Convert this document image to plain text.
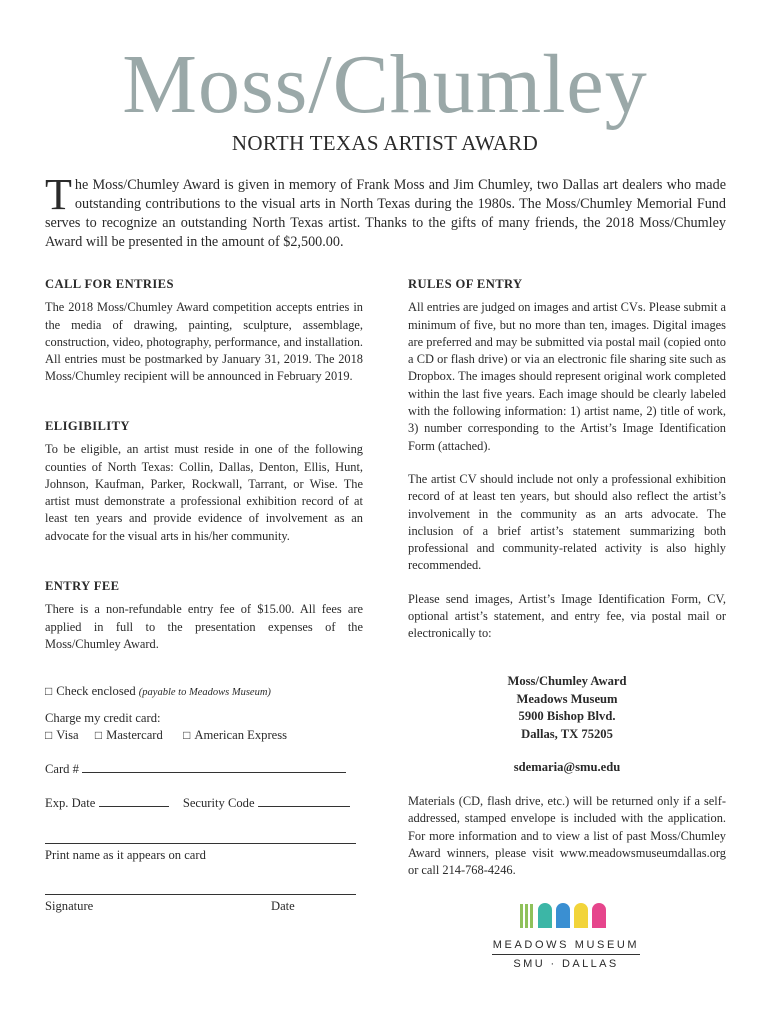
Moss/Chumley
NORTH TEXAS ARTIST AWARD
The Moss/Chumley Award is given in memory of Frank Moss and Jim Chumley, two Dallas art dealers who made outstanding contributions to the visual arts in North Texas during the 1980s. The Moss/Chumley Memorial Fund serves to recognize an outstanding North Texas artist. Thanks to the gifts of many friends, the 2018 Moss/Chumley Award will be presented in the amount of $2,500.00.
CALL FOR ENTRIES
The 2018 Moss/Chumley Award competition accepts entries in the media of drawing, painting, sculpture, assemblage, construction, video, photography, performance, and installation. All entries must be postmarked by January 31, 2019. The 2018 Moss/Chumley recipient will be announced in February 2019.
ELIGIBILITY
To be eligible, an artist must reside in one of the following counties of North Texas: Collin, Dallas, Denton, Ellis, Hunt, Johnson, Kaufman, Parker, Rockwall, Tarrant, or Wise. The artist must demonstrate a professional exhibition record of at least ten years and provide evidence of involvement as an advocate for the visual arts in his/her community.
ENTRY FEE
There is a non-refundable entry fee of $15.00. All fees are applied in full to the presentation expenses of the Moss/Chumley Award.
□ Check enclosed (payable to Meadows Museum)
Charge my credit card:
□ Visa □ Mastercard □ American Express
Card #
Exp. Date	Security Code
Print name as it appears on card
Signature	Date
RULES OF ENTRY
All entries are judged on images and artist CVs. Please submit a minimum of five, but no more than ten, images. Digital images are preferred and may be submitted via postal mail (copied onto a CD or flash drive) or via an electronic file sharing site such as Dropbox. The images should represent original work completed within the last five years. Each image should be clearly labeled with the following information: 1) artist name, 2) title of work, 3) number corresponding to the Artist’s Image Identification Form (attached).
The artist CV should include not only a professional exhibition record of at least ten years, but should also reflect the artist’s involvement in the community as an arts advocate. The inclusion of a brief artist’s statement summarizing both professional and community-related activity is also highly recommended.
Please send images, Artist’s Image Identification Form, CV, optional artist’s statement, and entry fee, via postal mail or electronically to:
Moss/Chumley Award
Meadows Museum
5900 Bishop Blvd.
Dallas, TX 75205
sdemaria@smu.edu
Materials (CD, flash drive, etc.) will be returned only if a self-addressed, stamped envelope is included with the application. For more information and to view a list of past Moss/Chumley Award winners, please visit www.meadowsmuseumdallas.org or call 214-768-4246.
MEADOWS MUSEUM
SMU · DALLAS
